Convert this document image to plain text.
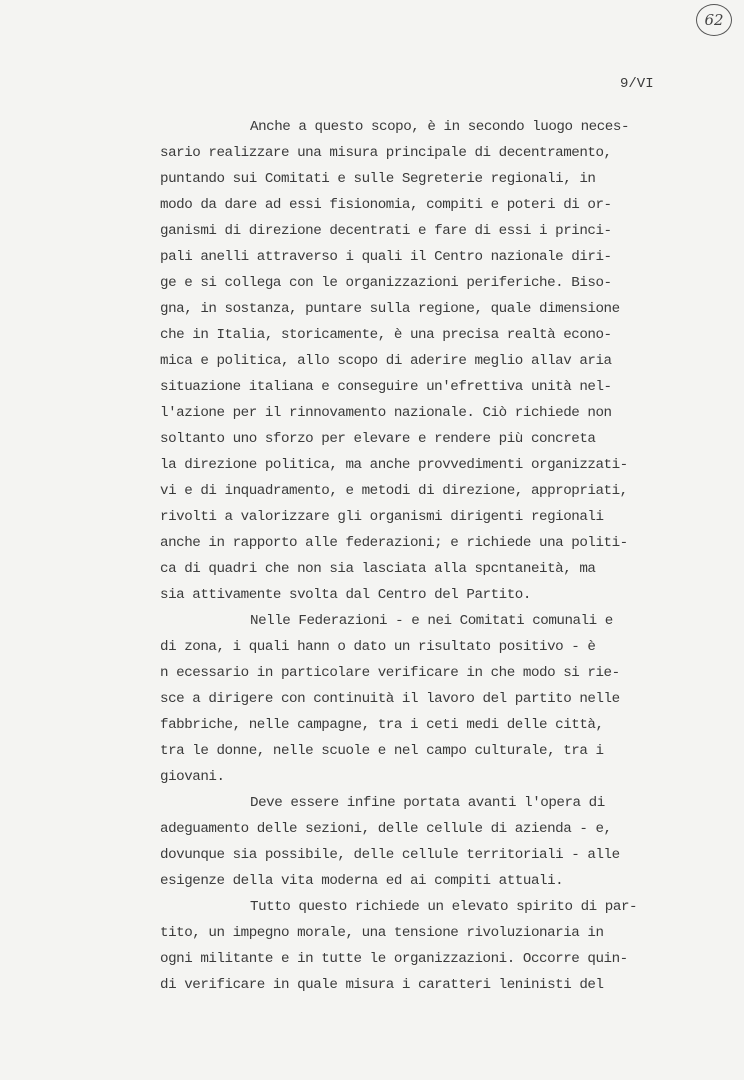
62
9/VI
Anche a questo scopo, è in secondo luogo neces-
sario realizzare una misura principale di decentramento,
puntando sui Comitati e sulle Segreterie regionali, in
modo da dare ad essi fisionomia, compiti e poteri di or-
ganismi di direzione decentrati e fare di essi i princi-
pali anelli attraverso i quali il Centro nazionale diri-
ge e si collega con le organizzazioni periferiche. Biso-
gna, in sostanza, puntare sulla regione, quale dimensione
che in Italia, storicamente, è una precisa realtà econo-
mica e politica, allo scopo di aderire meglio allav aria
situazione italiana e conseguire un'efrettiva unità nel-
l'azione per il rinnovamento nazionale. Ciò richiede non
soltanto uno sforzo per elevare e rendere più concreta
la direzione politica, ma anche provvedimenti organizzati-
vi e di inquadramento, e metodi di direzione, appropriati,
rivolti a valorizzare gli organismi dirigenti regionali
anche in rapporto alle federazioni; e richiede una politi-
ca di quadri che non sia lasciata alla spcntaneità, ma
sia attivamente svolta dal Centro del Partito.
Nelle Federazioni - e nei Comitati comunali e
di zona, i quali hann o dato un risultato positivo - è
n ecessario in particolare verificare in che modo si rie-
sce a dirigere con continuità il lavoro del partito nelle
fabbriche, nelle campagne, tra i ceti medi delle città,
tra le donne, nelle scuole e nel campo culturale, tra i
giovani.
Deve essere infine portata avanti l'opera di
adeguamento delle sezioni, delle cellule di azienda - e,
dovunque sia possibile, delle cellule territoriali - alle
esigenze della vita moderna ed ai compiti attuali.
Tutto questo richiede un elevato spirito di par-
tito, un impegno morale, una tensione rivoluzionaria in
ogni militante e in tutte le organizzazioni. Occorre quin-
di verificare in quale misura i caratteri leninisti del
